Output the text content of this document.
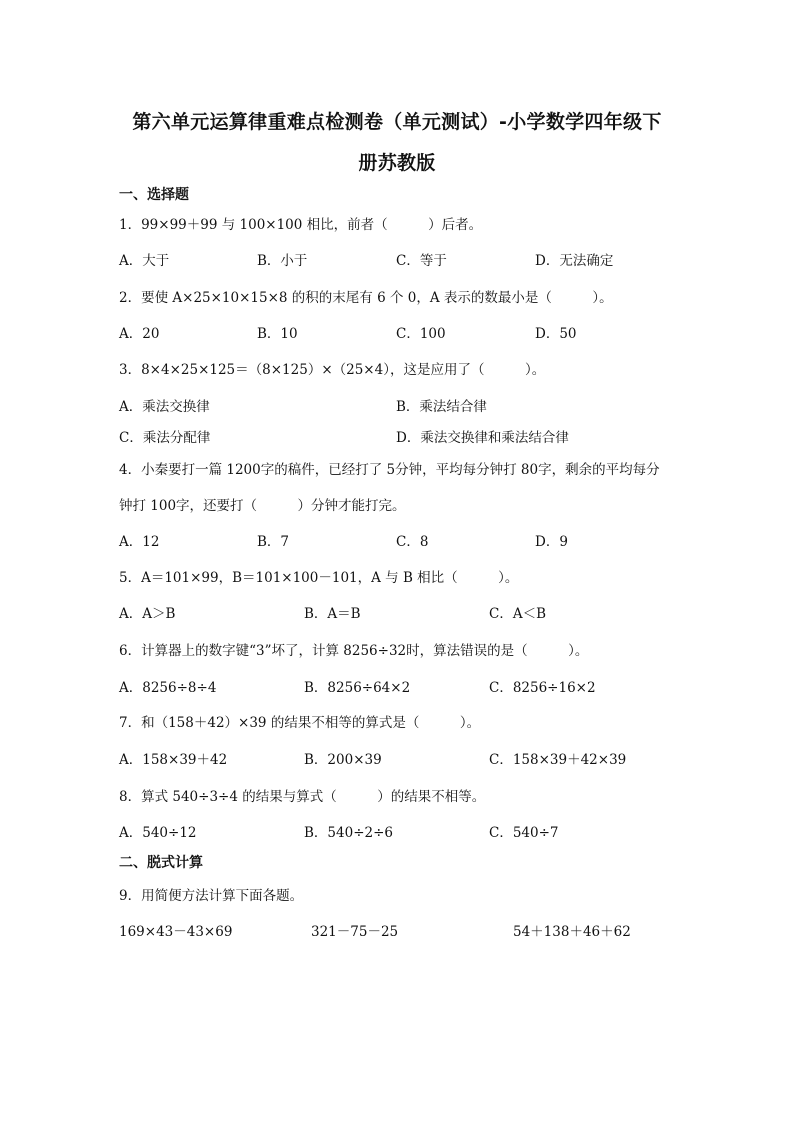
第六单元运算律重难点检测卷（单元测试）-小学数学四年级下
册苏教版
一、选择题
1．99×99＋99 与 100×100 相比，前者（　　　）后者。
A．大于	B．小于	C．等于	D．无法确定
2．要使 A×25×10×15×8 的积的末尾有 6 个 0，A 表示的数最小是（　　　）。
A．20	B．10	C．100	D．50
3．8×4×25×125＝（8×125）×（25×4），这是应用了（　　　）。
A．乘法交换律	B．乘法结合律
C．乘法分配律	D．乘法交换律和乘法结合律
4．小秦要打一篇 1200字的稿件，已经打了 5分钟，平均每分钟打 80字，剩余的平均每分
钟打 100字，还要打（　　　）分钟才能打完。
A．12	B．7	C．8	D．9
5．A＝101×99，B＝101×100－101，A 与 B 相比（　　　）。
A．A＞B	B．A＝B	C．A＜B
6．计算器上的数字键“3”坏了，计算 8256÷32时，算法错误的是（　　　）。
A．8256÷8÷4	B．8256÷64×2	C．8256÷16×2
7．和（158＋42）×39 的结果不相等的算式是（　　　）。
A．158×39＋42	B．200×39	C．158×39＋42×39
8．算式 540÷3÷4 的结果与算式（　　　）的结果不相等。
A．540÷12	B．540÷2÷6	C．540÷7
二、脱式计算
9．用简便方法计算下面各题。
169×43－43×69	321－75－25	54＋138＋46＋62
